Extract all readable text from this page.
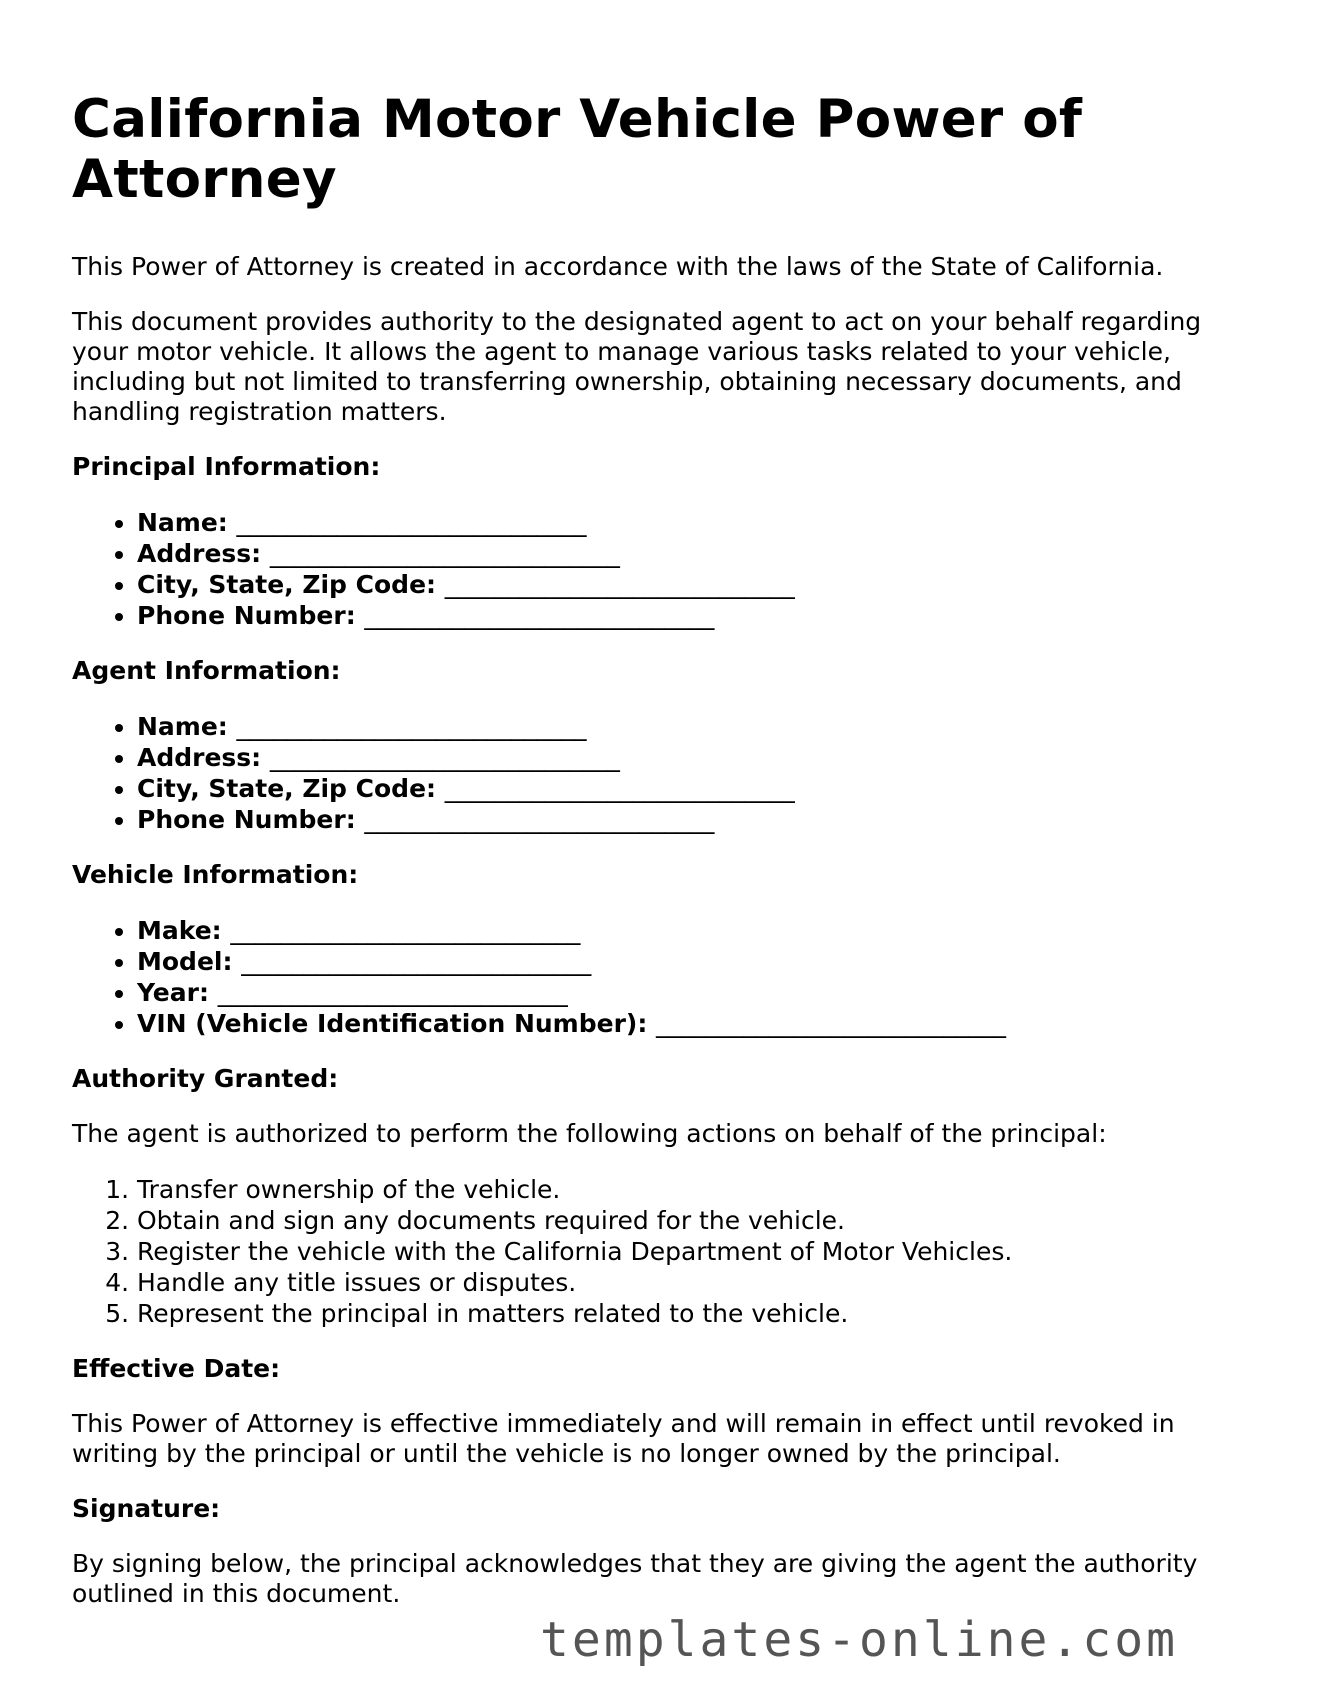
California Motor Vehicle Power of Attorney

This Power of Attorney is created in accordance with the laws of the State of California.

This document provides authority to the designated agent to act on your behalf regarding your motor vehicle. It allows the agent to manage various tasks related to your vehicle, including but not limited to transferring ownership, obtaining necessary documents, and handling registration matters.

Principal Information:
• Name: ____________________________
• Address: ____________________________
• City, State, Zip Code: ____________________________
• Phone Number: ____________________________
Agent Information:
• Name: ____________________________
• Address: ____________________________
• City, State, Zip Code: ____________________________
• Phone Number: ____________________________
Vehicle Information:
• Make: ____________________________
• Model: ____________________________
• Year: ____________________________
• VIN (Vehicle Identification Number): ____________________________
Authority Granted:

The agent is authorized to perform the following actions on behalf of the principal:

1. Transfer ownership of the vehicle.
2. Obtain and sign any documents required for the vehicle.
3. Register the vehicle with the California Department of Motor Vehicles.
4. Handle any title issues or disputes.
5. Represent the principal in matters related to the vehicle.
Effective Date:

This Power of Attorney is effective immediately and will remain in effect until revoked in writing by the principal or until the vehicle is no longer owned by the principal.

Signature:

By signing below, the principal acknowledges that they are giving the agent the authority outlined in this document.

templates-online.com
